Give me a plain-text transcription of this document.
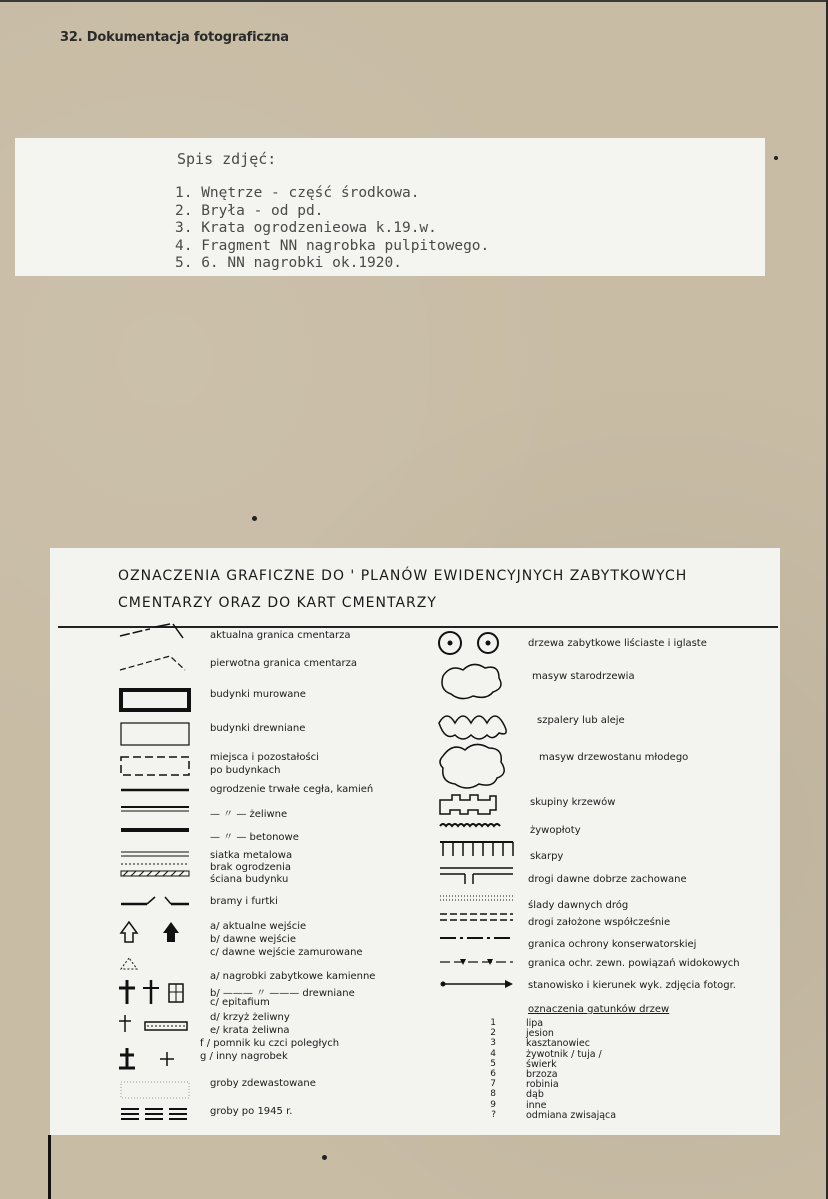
32. Dokumentacja fotograficzna
Spis zdjęć:
1. Wnętrze - część środkowa.
2. Bryła - od pd.
3. Krata ogrodzenieowa k.19.w.
4. Fragment NN nagrobka pulpitowego.
5. 6. NN nagrobki ok.1920.
OZNACZENIA GRAFICZNE DO ' PLANÓW EWIDENCYJNYCH ZABYTKOWYCH
CMENTARZY ORAZ DO KART CMENTARZY
aktualna granica cmentarza
pierwotna granica cmentarza
budynki murowane
budynki drewniane
miejsca i pozostałości
po budynkach
ogrodzenie trwałe cegła, kamień
— 〃 — żeliwne
— 〃 — betonowe
siatka metalowa
brak ogrodzenia
ściana budynku
bramy i furtki
a/ aktualne wejście
b/ dawne wejście
c/ dawne wejście zamurowane
a/ nagrobki zabytkowe kamienne
b/ ——— 〃 ——— drewniane
c/ epitafium
d/ krzyż żeliwny
e/ krata żeliwna
f / pomnik ku czci poległych
g / inny nagrobek
groby zdewastowane
groby po 1945 r.
drzewa zabytkowe liściaste i iglaste
masyw starodrzewia
szpalery lub aleje
masyw drzewostanu młodego
skupiny krzewów
żywopłoty
skarpy
drogi dawne dobrze zachowane
ślady dawnych dróg
drogi założone współcześnie
granica ochrony konserwatorskiej
granica ochr. zewn. powiązań widokowych
stanowisko i kierunek wyk. zdjęcia fotogr.
oznaczenia gatunków drzew
1	lipa
2	jesion
3	kasztanowiec
4	żywotnik / tuja /
5	świerk
6	brzoza
7	robinia
8	dąb
9	inne
?	odmiana zwisająca
